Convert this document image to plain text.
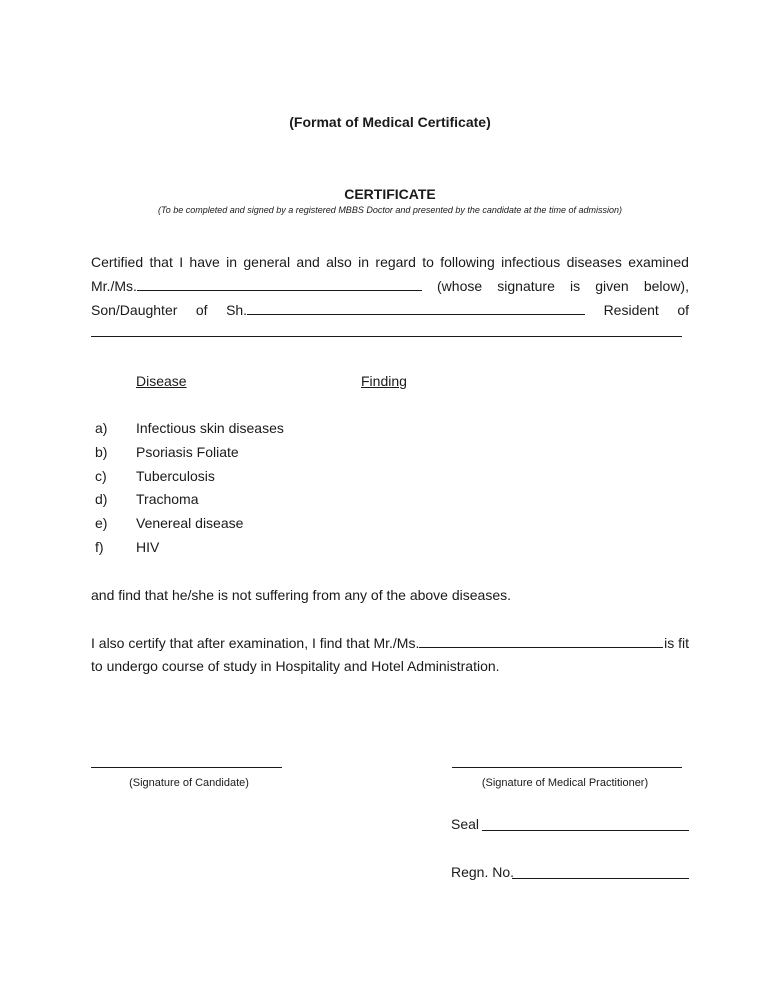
(Format of Medical Certificate)
CERTIFICATE
(To be completed and signed by a registered MBBS Doctor and presented by the candidate at the time of admission)
Certified that I have in general and also in regard to following infectious diseases examined
Mr./Ms.	(whose signature is given below),
Son/Daughter of Sh.	Resident of
Disease	Finding
a) Infectious skin diseases
b) Psoriasis Foliate
c) Tuberculosis
d) Trachoma
e) Venereal disease
f) HIV
and find that he/she is not suffering from any of the above diseases.
I also certify that after examination, I find that Mr./Ms.	is fit
to undergo course of study in Hospitality and Hotel Administration.
(Signature of Candidate)	(Signature of Medical Practitioner)
Seal
Regn. No.
